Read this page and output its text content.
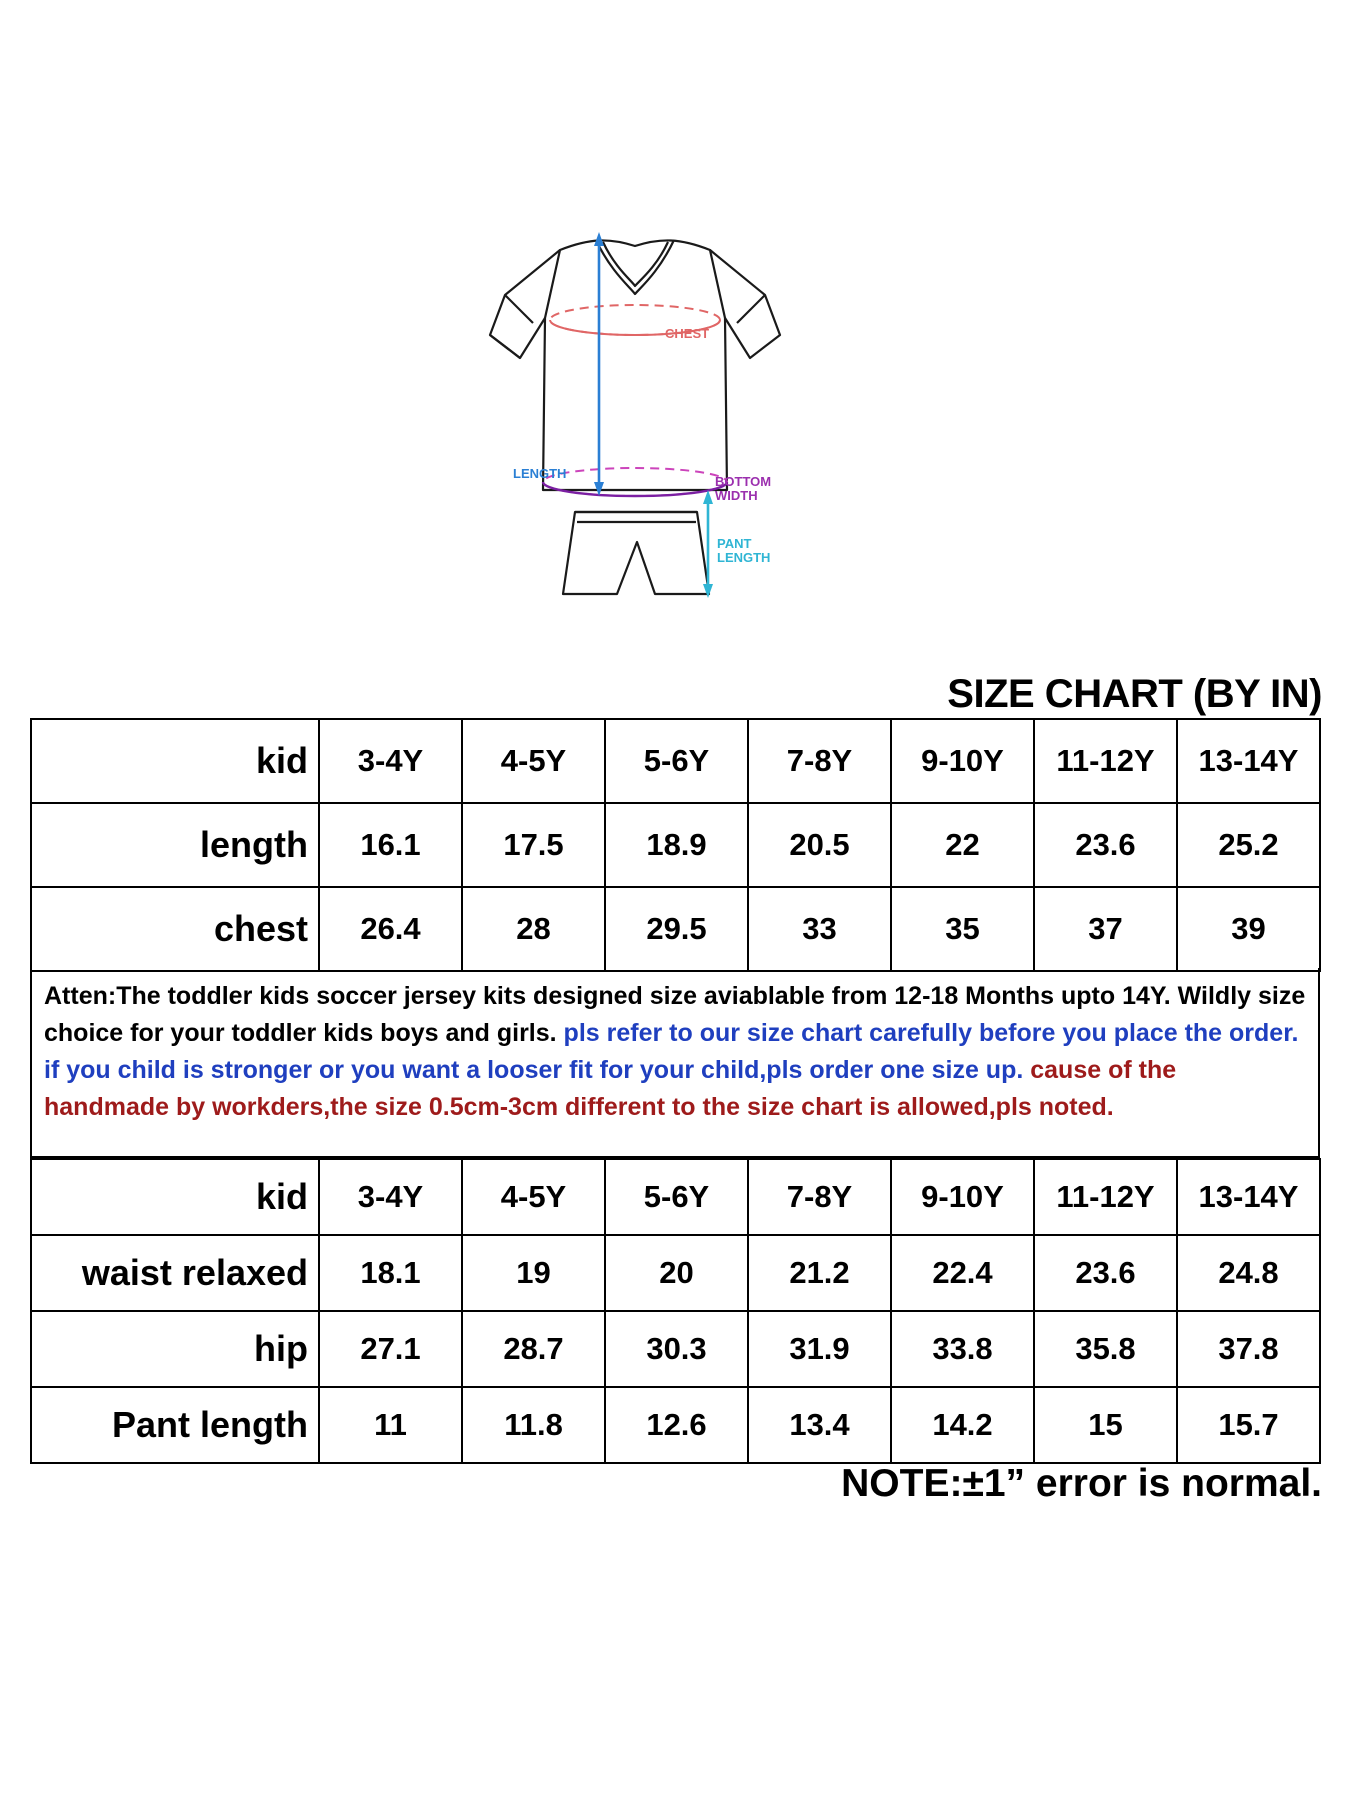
CHEST
BOTTOM
WIDTH
LENGTH
PANT
LENGTH
SIZE CHART (BY IN)
kid	3-4Y	4-5Y	5-6Y	7-8Y	9-10Y	11-12Y	13-14Y
length	16.1	17.5	18.9	20.5	22	23.6	25.2
chest	26.4	28	29.5	33	35	37	39
Atten:The toddler kids soccer jersey kits designed size aviablable from 12-18 Months upto 14Y. Wildly size choice for your toddler kids boys and girls. pls refer to our size chart carefully before you place the order. if you child is stronger or you want a looser fit for your child,pls order one size up. cause of the handmade by workders,the size 0.5cm-3cm different to the size chart is allowed,pls noted.
kid	3-4Y	4-5Y	5-6Y	7-8Y	9-10Y	11-12Y	13-14Y
waist relaxed	18.1	19	20	21.2	22.4	23.6	24.8
hip	27.1	28.7	30.3	31.9	33.8	35.8	37.8
Pant length	11	11.8	12.6	13.4	14.2	15	15.7
NOTE:±1” error is normal.
